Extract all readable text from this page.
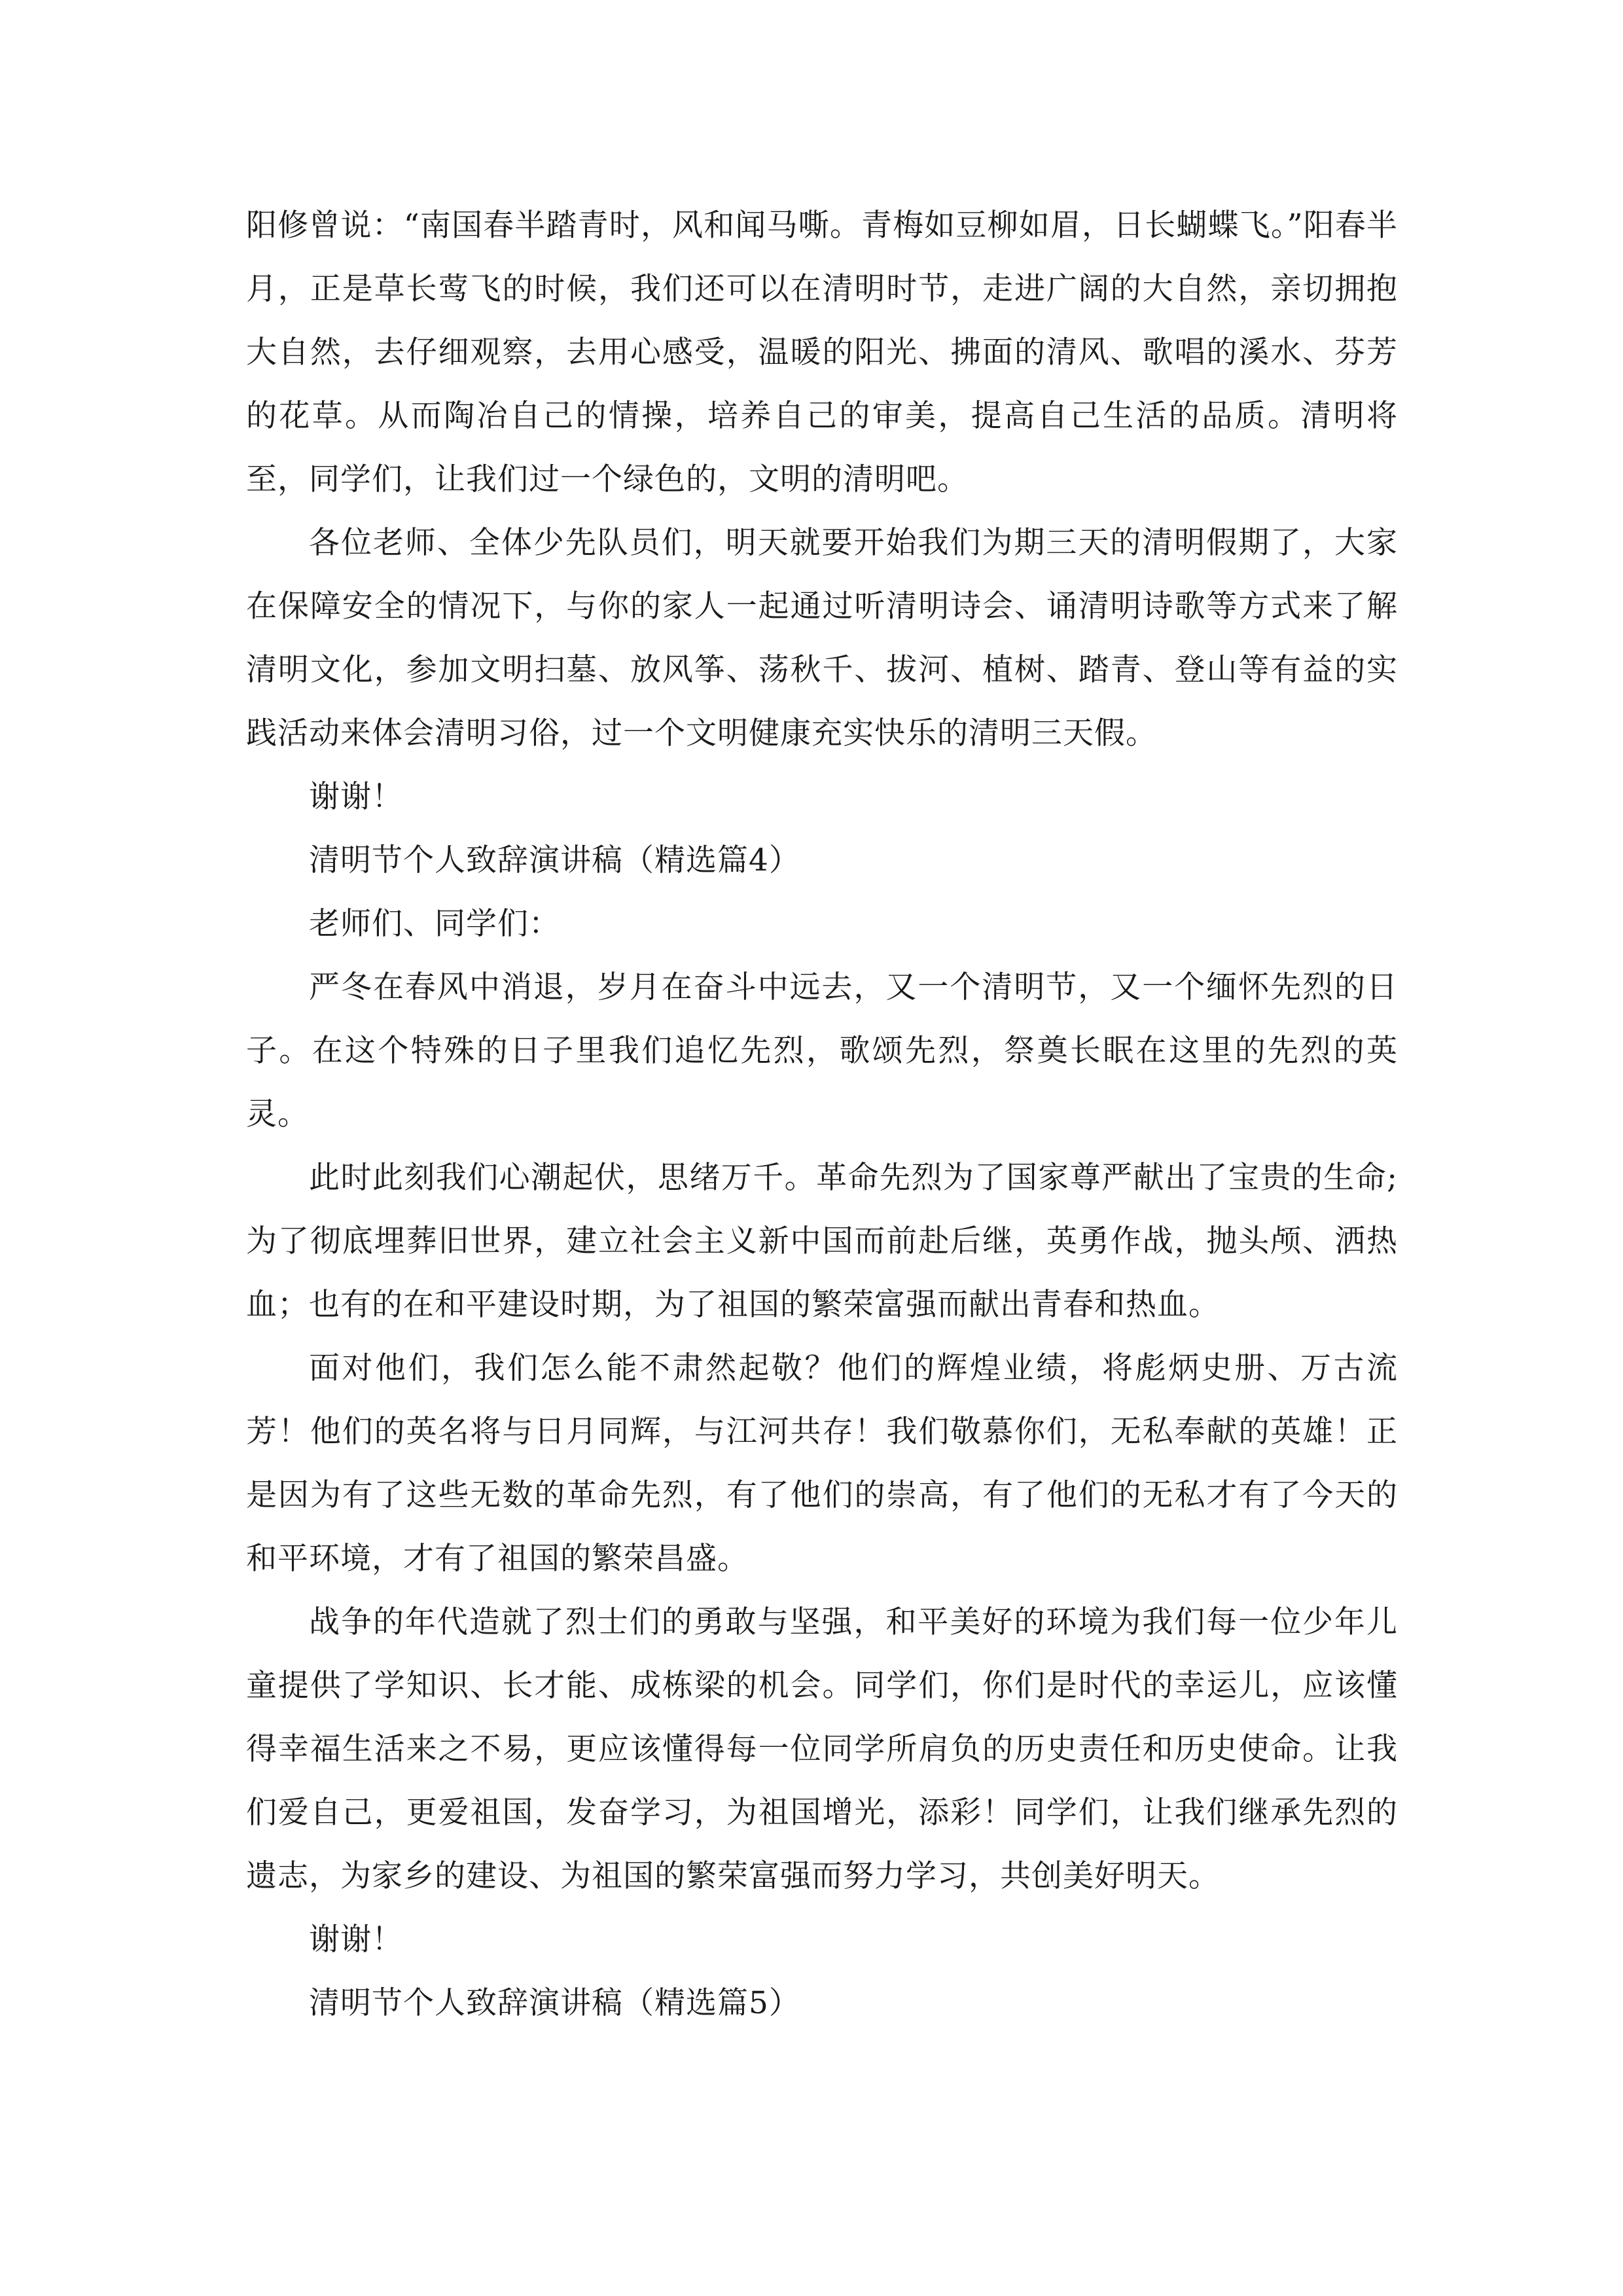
阳修曾说：“南国春半踏青时，风和闻马嘶。青梅如豆柳如眉，日长蝴蝶飞。”阳春半月，正是草长莺飞的时候，我们还可以在清明时节，走进广阔的大自然，亲切拥抱大自然，去仔细观察，去用心感受，温暖的阳光、拂面的清风、歌唱的溪水、芬芳的花草。从而陶冶自己的情操，培养自己的审美，提高自己生活的品质。清明将至，同学们，让我们过一个绿色的，文明的清明吧。

各位老师、全体少先队员们，明天就要开始我们为期三天的清明假期了，大家在保障安全的情况下，与你的家人一起通过听清明诗会、诵清明诗歌等方式来了解清明文化，参加文明扫墓、放风筝、荡秋千、拔河、植树、踏青、登山等有益的实践活动来体会清明习俗，过一个文明健康充实快乐的清明三天假。

谢谢！

清明节个人致辞演讲稿（精选篇4）

老师们、同学们：

严冬在春风中消退，岁月在奋斗中远去，又一个清明节，又一个缅怀先烈的日子。在这个特殊的日子里我们追忆先烈，歌颂先烈，祭奠长眠在这里的先烈的英灵。

此时此刻我们心潮起伏，思绪万千。革命先烈为了国家尊严献出了宝贵的生命;为了彻底埋葬旧世界，建立社会主义新中国而前赴后继，英勇作战，抛头颅、洒热血；也有的在和平建设时期，为了祖国的繁荣富强而献出青春和热血。

面对他们，我们怎么能不肃然起敬？他们的辉煌业绩，将彪炳史册、万古流芳！他们的英名将与日月同辉，与江河共存！我们敬慕你们，无私奉献的英雄！正是因为有了这些无数的革命先烈，有了他们的崇高，有了他们的无私才有了今天的和平环境，才有了祖国的繁荣昌盛。

战争的年代造就了烈士们的勇敢与坚强，和平美好的环境为我们每一位少年儿童提供了学知识、长才能、成栋梁的机会。同学们，你们是时代的幸运儿，应该懂得幸福生活来之不易，更应该懂得每一位同学所肩负的历史责任和历史使命。让我们爱自己，更爱祖国，发奋学习，为祖国增光，添彩！同学们，让我们继承先烈的遗志，为家乡的建设、为祖国的繁荣富强而努力学习，共创美好明天。

谢谢！

清明节个人致辞演讲稿（精选篇5）
